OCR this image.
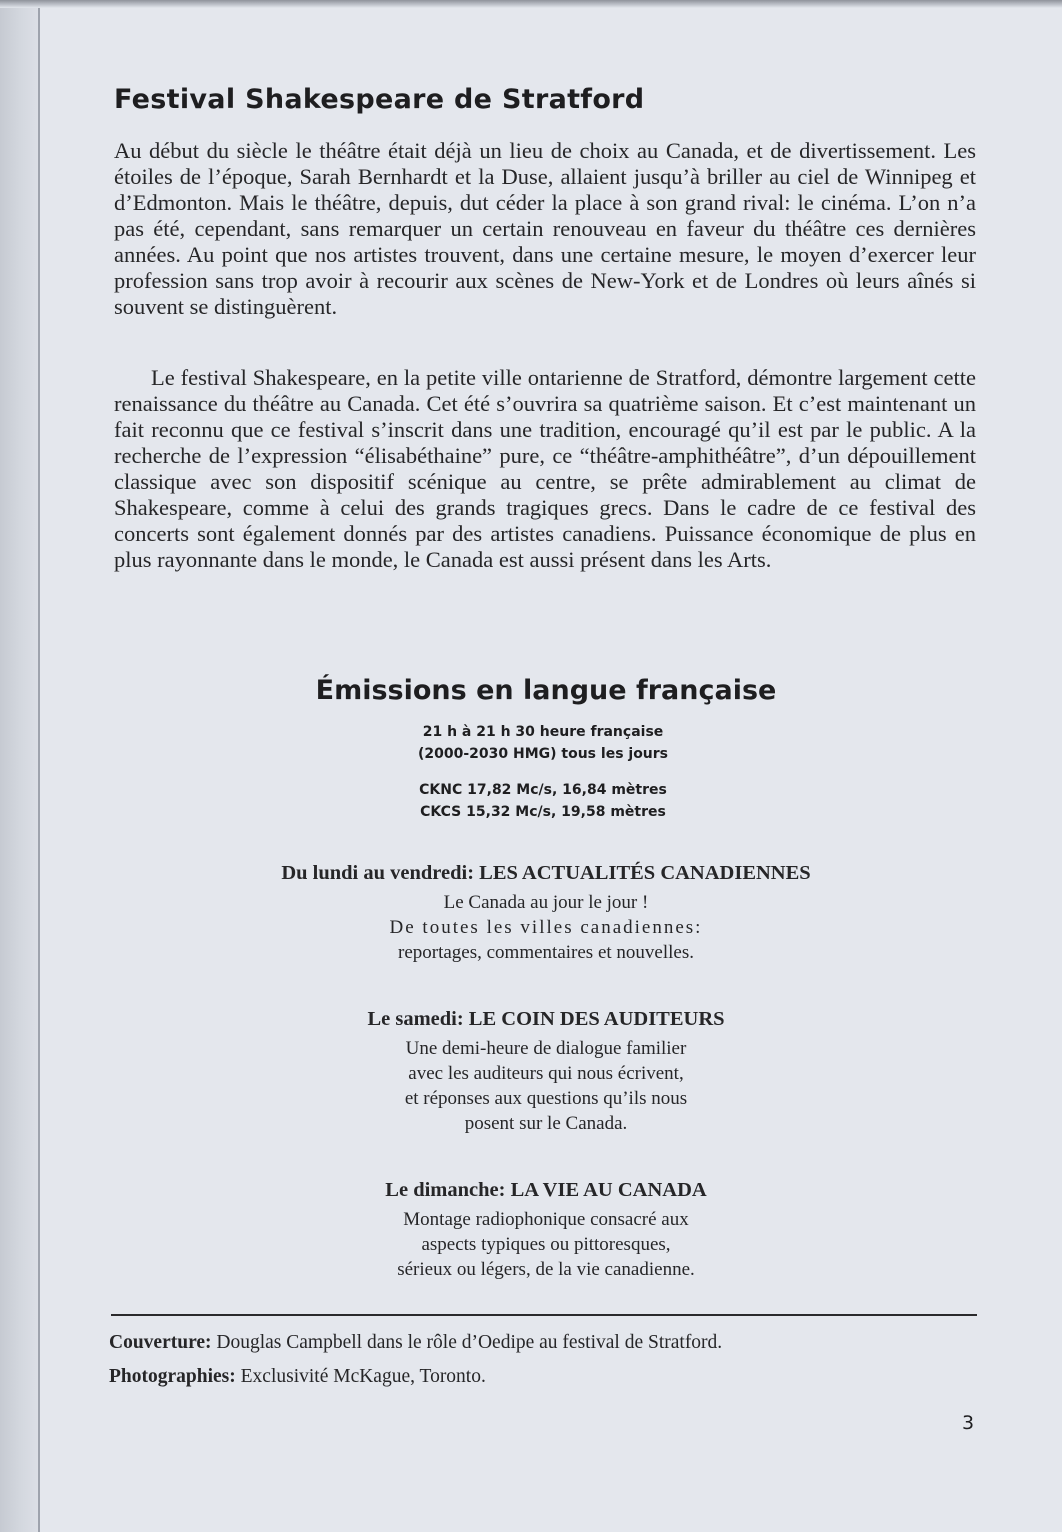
Festival Shakespeare de Stratford

Au début du siècle le théâtre était déjà un lieu de choix au Canada, et de divertissement. Les étoiles de l’époque, Sarah Bernhardt et la Duse, allaient jusqu’à briller au ciel de Winnipeg et d’Edmonton. Mais le théâtre, depuis, dut céder la place à son grand rival: le cinéma. L’on n’a pas été, cependant, sans remarquer un certain renouveau en faveur du théâtre ces dernières années. Au point que nos artistes trouvent, dans une certaine mesure, le moyen d’exercer leur profession sans trop avoir à recourir aux scènes de New-York et de Londres où leurs aînés si souvent se distinguèrent.

Le festival Shakespeare, en la petite ville ontarienne de Stratford, démontre largement cette renaissance du théâtre au Canada. Cet été s’ouvrira sa quatrième saison. Et c’est maintenant un fait reconnu que ce festival s’inscrit dans une tradition, encouragé qu’il est par le public. A la recherche de l’expression “élisabéthaine” pure, ce “théâtre-amphithéâtre”, d’un dépouillement classique avec son dispositif scénique au centre, se prête admirablement au climat de Shakespeare, comme à celui des grands tragiques grecs. Dans le cadre de ce festival des concerts sont également donnés par des artistes canadiens. Puissance économique de plus en plus rayonnante dans le monde, le Canada est aussi présent dans les Arts.

Émissions en langue française
21 h à 21 h 30 heure française
(2000-2030 HMG) tous les jours
CKNC 17,82 Mc/s, 16,84 mètres
CKCS 15,32 Mc/s, 19,58 mètres

Du lundi au vendredi: LES ACTUALITÉS CANADIENNES

Le Canada au jour le jour !
De toutes les villes canadiennes:
reportages, commentaires et nouvelles.

Le samedi: LE COIN DES AUDITEURS

Une demi-heure de dialogue familier
avec les auditeurs qui nous écrivent,
et réponses aux questions qu’ils nous
posent sur le Canada.

Le dimanche: LA VIE AU CANADA

Montage radiophonique consacré aux
aspects typiques ou pittoresques,
sérieux ou légers, de la vie canadienne.

Couverture: Douglas Campbell dans le rôle d’Oedipe au festival de Stratford.

Photographies: Exclusivité McKague, Toronto.

3
